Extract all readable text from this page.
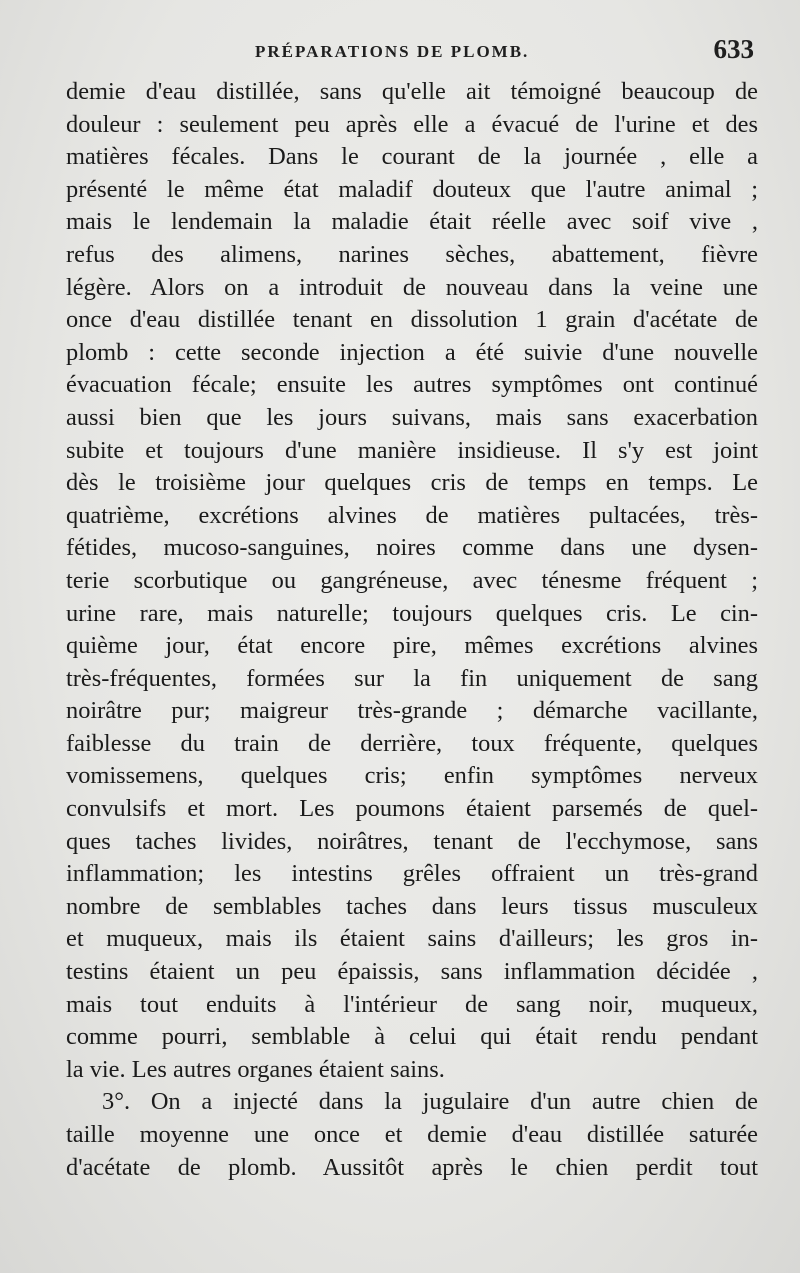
PRÉPARATIONS DE PLOMB.	633
demie d'eau distillée, sans qu'elle ait témoigné beaucoup de
douleur : seulement peu après elle a évacué de l'urine et des
matières fécales. Dans le courant de la journée , elle a
présenté le même état maladif douteux que l'autre animal ;
mais le lendemain la maladie était réelle avec soif vive ,
refus des alimens, narines sèches, abattement, fièvre
légère. Alors on a introduit de nouveau dans la veine une
once d'eau distillée tenant en dissolution 1 grain d'acétate de
plomb : cette seconde injection a été suivie d'une nouvelle
évacuation fécale; ensuite les autres symptômes ont continué
aussi bien que les jours suivans, mais sans exacerbation
subite et toujours d'une manière insidieuse. Il s'y est joint
dès le troisième jour quelques cris de temps en temps. Le
quatrième, excrétions alvines de matières pultacées, très-
fétides, mucoso-sanguines, noires comme dans une dysen-
terie scorbutique ou gangréneuse, avec ténesme fréquent ;
urine rare, mais naturelle; toujours quelques cris. Le cin-
quième jour, état encore pire, mêmes excrétions alvines
très-fréquentes, formées sur la fin uniquement de sang
noirâtre pur; maigreur très-grande ; démarche vacillante,
faiblesse du train de derrière, toux fréquente, quelques
vomissemens, quelques cris; enfin symptômes nerveux
convulsifs et mort. Les poumons étaient parsemés de quel-
ques taches livides, noirâtres, tenant de l'ecchymose, sans
inflammation; les intestins grêles offraient un très-grand
nombre de semblables taches dans leurs tissus musculeux
et muqueux, mais ils étaient sains d'ailleurs; les gros in-
testins étaient un peu épaissis, sans inflammation décidée ,
mais tout enduits à l'intérieur de sang noir, muqueux,
comme pourri, semblable à celui qui était rendu pendant
la vie. Les autres organes étaient sains.
3°. On a injecté dans la jugulaire d'un autre chien de
taille moyenne une once et demie d'eau distillée saturée
d'acétate de plomb. Aussitôt après le chien perdit tout
